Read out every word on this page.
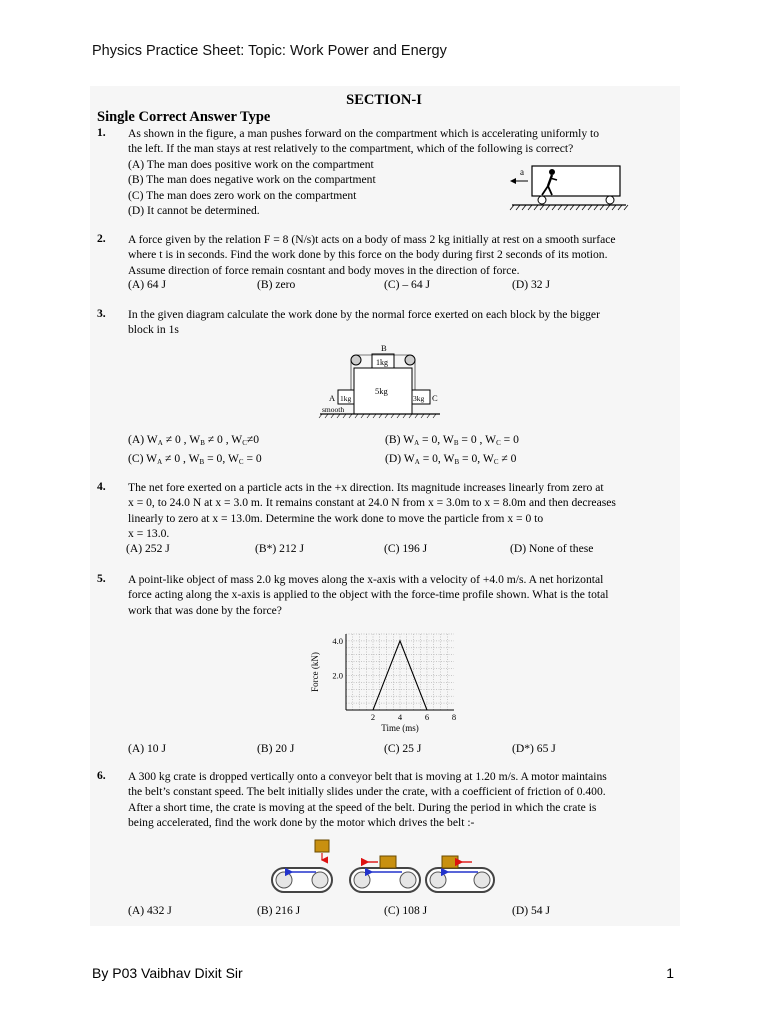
Physics Practice Sheet: Topic: Work Power and Energy
SECTION-I
Single Correct Answer Type
1. As shown in the figure, a man pushes forward on the compartment which is accelerating uniformly to
the left. If the man stays at rest relatively to the compartment, which of the following is correct?
(A) The man does positive work on the compartment
(B) The man does negative work on the compartment
(C) The man does zero work on the compartment
(D) It cannot be determined.
a
2. A force given by the relation F = 8 (N/s)t acts on a body of mass 2 kg initially at rest on a smooth surface
where t is in seconds. Find the work done by this force on the body during first 2 seconds of its motion.
Assume direction of force remain cosntant and body moves in the direction of force.
(A) 64 J	(B) zero	(C) – 64 J	(D) 32 J
3. In the given diagram calculate the work done by the normal force exerted on each block by the bigger
block in 1s
B
1kg
5kg
A 1kg	3kg C
smooth
(A) $W_A \ne 0$ , $W_B \ne 0$ , $W_C\ne 0$	(B) $W_A = 0$, $W_B = 0$ , $W_C = 0$
(C) $W_A \ne 0$ , $W_B = 0$, $W_C = 0$	(D) $W_A = 0$, $W_B = 0$, $W_C \ne 0$
4. The net fore exerted on a particle acts in the +x direction. Its magnitude increases linearly from zero at
x = 0, to 24.0 N at x = 3.0 m. It remains constant at 24.0 N from x = 3.0m to x = 8.0m and then decreases
linearly to zero at x = 13.0m. Determine the work done to move the particle from x = 0 to
x = 13.0.
(A) 252 J	(B*) 212 J	(C) 196 J	(D) None of these
5. A point-like object of mass 2.0 kg moves along the x-axis with a velocity of +4.0 m/s. A net horizontal
force acting along the x-axis is applied to the object with the force-time profile shown. What is the total
work that was done by the force?
2	4	6	8
2.0
4.0
Force (kN)
Time (ms)
(A) 10 J	(B) 20 J	(C) 25 J	(D*) 65 J
6. A 300 kg crate is dropped vertically onto a conveyor belt that is moving at 1.20 m/s. A motor maintains
the belt’s constant speed. The belt initially slides under the crate, with a coefficient of friction of 0.400.
After a short time, the crate is moving at the speed of the belt. During the period in which the crate is
being accelerated, find the work done by the motor which drives the belt :-
(A) 432 J	(B) 216 J	(C) 108 J	(D) 54 J
By P03 Vaibhav Dixit Sir	1
